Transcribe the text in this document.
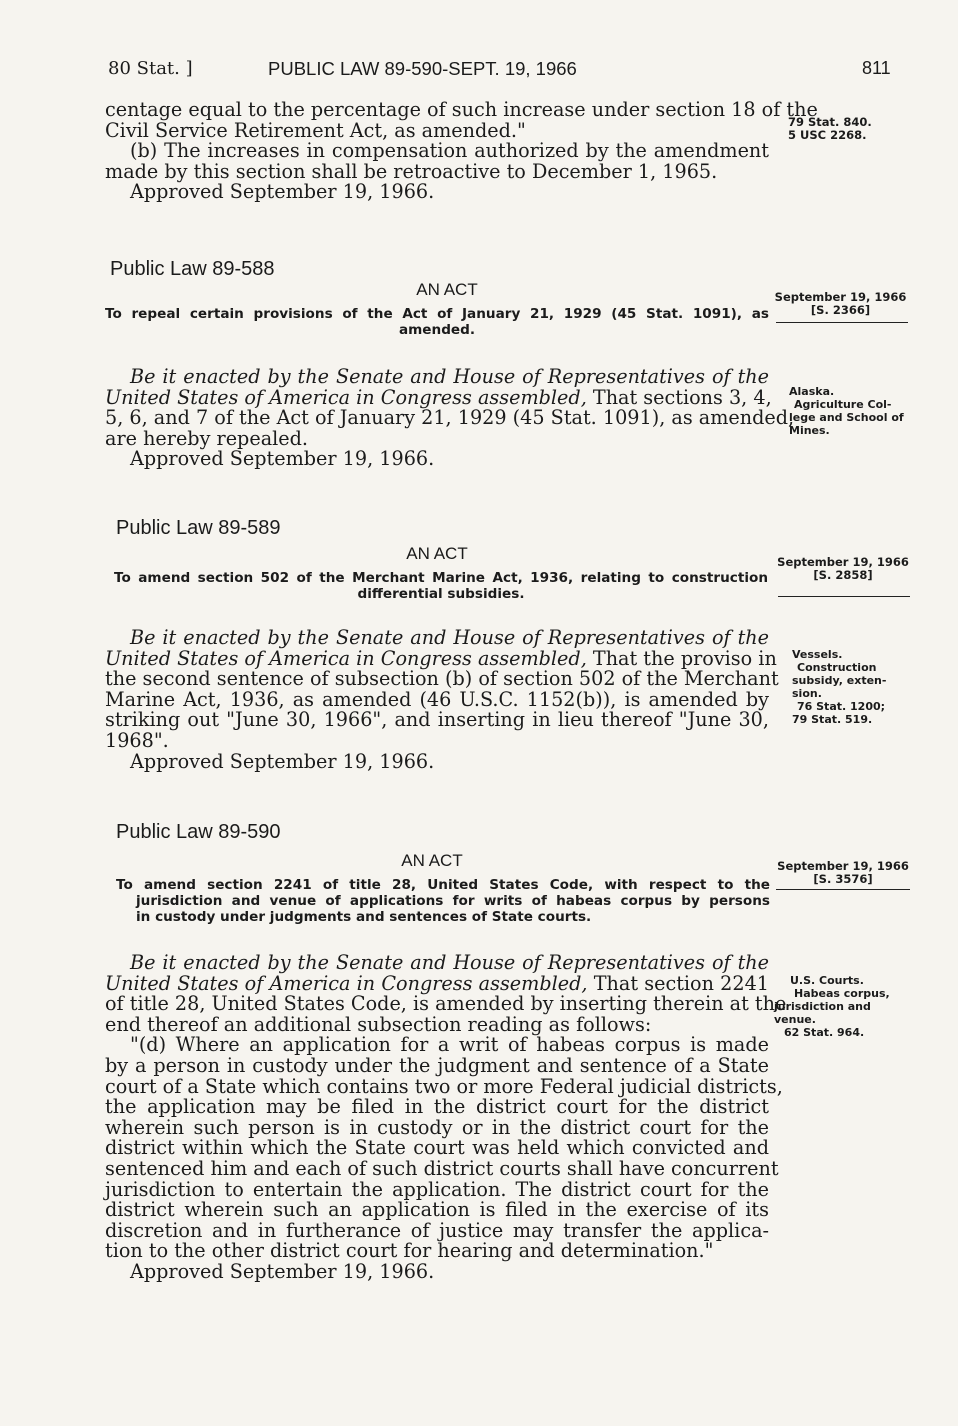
80 Stat. ]	PUBLIC LAW 89-590-SEPT. 19, 1966	811
centage equal to the percentage of such increase under section 18 of the
Civil Service Retirement Act, as amended."
(b) The increases in compensation authorized by the amendment
made by this section shall be retroactive to December 1, 1965.
Approved September 19, 1966.
79 Stat. 840.
5 USC 2268.
Public Law 89-588
AN ACT	September 19, 1966
[S. 2366]
To repeal certain provisions of the Act of January 21, 1929 (45 Stat. 1091), as
amended.
Be it enacted by the Senate and House of Representatives of the
United States of America in Congress assembled, That sections 3, 4,
5, 6, and 7 of the Act of January 21, 1929 (45 Stat. 1091), as amended,
are hereby repealed.
Approved September 19, 1966.
Alaska.
Agriculture Col-
lege and School of
Mines.
Public Law 89-589
AN ACT	September 19, 1966
[S. 2858]
To amend section 502 of the Merchant Marine Act, 1936, relating to construction
differential subsidies.
Be it enacted by the Senate and House of Representatives of the
United States of America in Congress assembled, That the proviso in
the second sentence of subsection (b) of section 502 of the Merchant
Marine Act, 1936, as amended (46 U.S.C. 1152(b)), is amended by
striking out "June 30, 1966", and inserting in lieu thereof "June 30,
1968".
Approved September 19, 1966.
Vessels.
Construction
subsidy, exten-
sion.
76 Stat. 1200;
79 Stat. 519.
Public Law 89-590
AN ACT	September 19, 1966
[S. 3576]
To amend section 2241 of title 28, United States Code, with respect to the
jurisdiction and venue of applications for writs of habeas corpus by persons
in custody under judgments and sentences of State courts.
Be it enacted by the Senate and House of Representatives of the
United States of America in Congress assembled, That section 2241
of title 28, United States Code, is amended by inserting therein at the
end thereof an additional subsection reading as follows:
"(d) Where an application for a writ of habeas corpus is made
by a person in custody under the judgment and sentence of a State
court of a State which contains two or more Federal judicial districts,
the application may be filed in the district court for the district
wherein such person is in custody or in the district court for the
district within which the State court was held which convicted and
sentenced him and each of such district courts shall have concurrent
jurisdiction to entertain the application. The district court for the
district wherein such an application is filed in the exercise of its
discretion and in furtherance of justice may transfer the applica-
tion to the other district court for hearing and determination."
Approved September 19, 1966.
U.S. Courts.
Habeas corpus,
jurisdiction and
venue.
62 Stat. 964.
